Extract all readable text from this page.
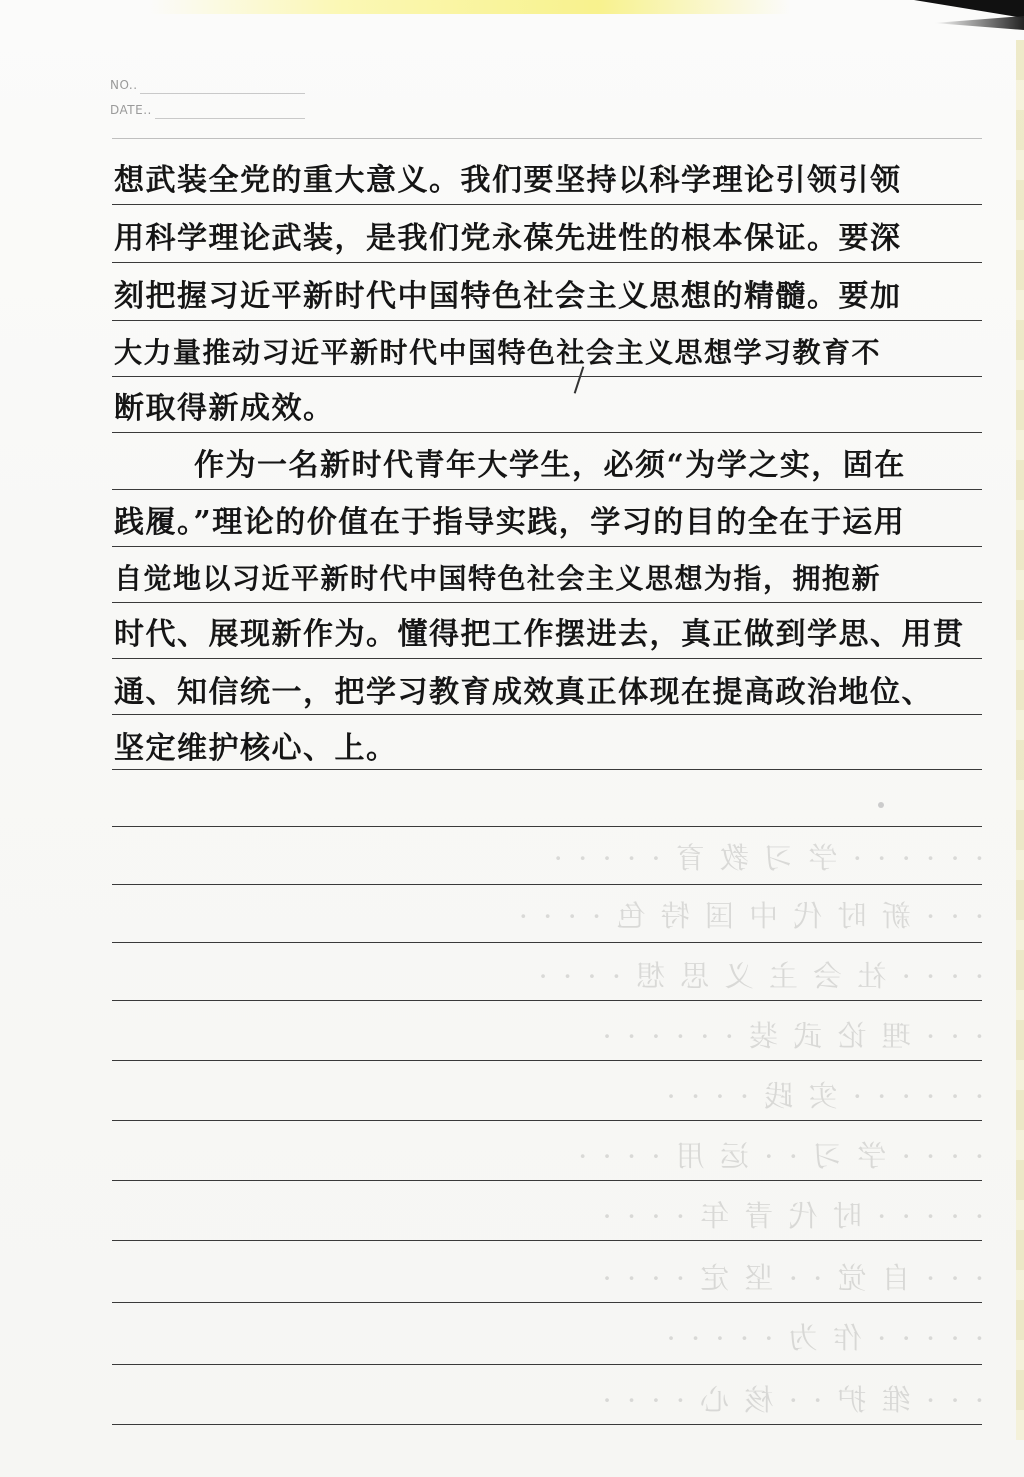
NO..
DATE..
想武装全党的重大意义。我们要坚持以科学理论引领引领
用科学理论武装，是我们党永葆先进性的根本保证。要深
刻把握习近平新时代中国特色社会主义思想的精髓。要加
大力量推动习近平新时代中国特色社会主义思想学习教育不
断取得新成效。
作为一名新时代青年大学生，必须“为学之实，固在
践履。”理论的价值在于指导实践，学习的目的全在于运用
自觉地以习近平新时代中国特色社会主义思想为指，拥抱新
时代、展现新作为。懂得把工作摆进去，真正做到学思、用贯
通、知信统一，把学习教育成效真正体现在提高政治地位、
坚定维护核心、上。
· · · · · · 学 习 教 育 · · · · ·
· · · 新 时 代 中 国 特 色 · · · ·
· · · · 社 会 主 义 思 想 · · · ·
· · · 理 论 武 装 · · · · · ·
· · · · · · 实 践 · · · ·
· · · · 学 习 · · 运 用 · · · ·
· · · · · 时 代 青 年 · · · ·
· · · 自 觉 · · 坚 定 · · · ·
· · · · · 作 为 · · · · ·
· · · 维 护 · · 核 心 · · · ·
